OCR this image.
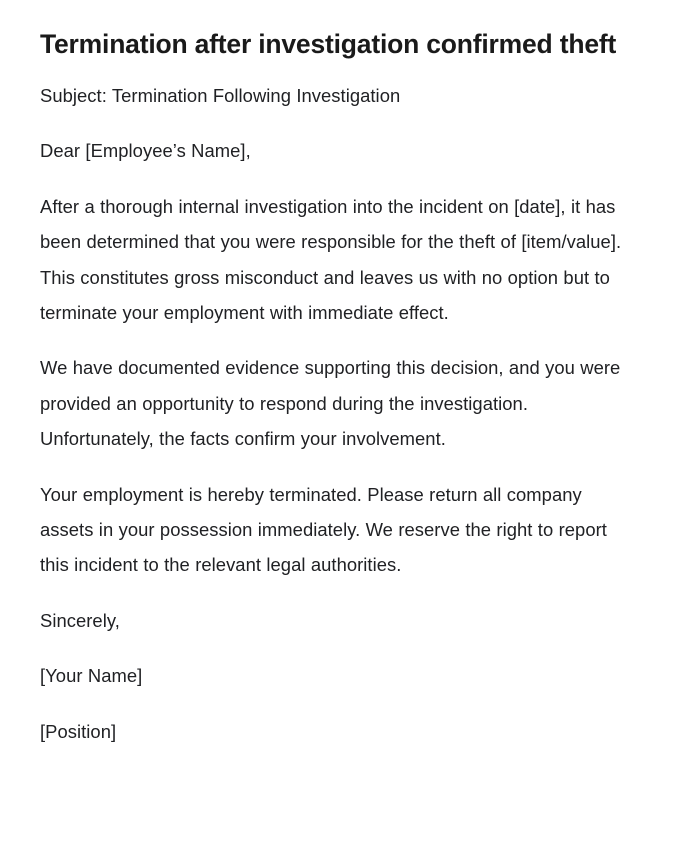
Termination after investigation confirmed theft

Subject: Termination Following Investigation

Dear [Employee’s Name],

After a thorough internal investigation into the incident on [date], it has been determined that you were responsible for the theft of [item/value]. This constitutes gross misconduct and leaves us with no option but to terminate your employment with immediate effect.

We have documented evidence supporting this decision, and you were provided an opportunity to respond during the investigation. Unfortunately, the facts confirm your involvement.

Your employment is hereby terminated. Please return all company assets in your possession immediately. We reserve the right to report this incident to the relevant legal authorities.

Sincerely,

[Your Name]

[Position]
